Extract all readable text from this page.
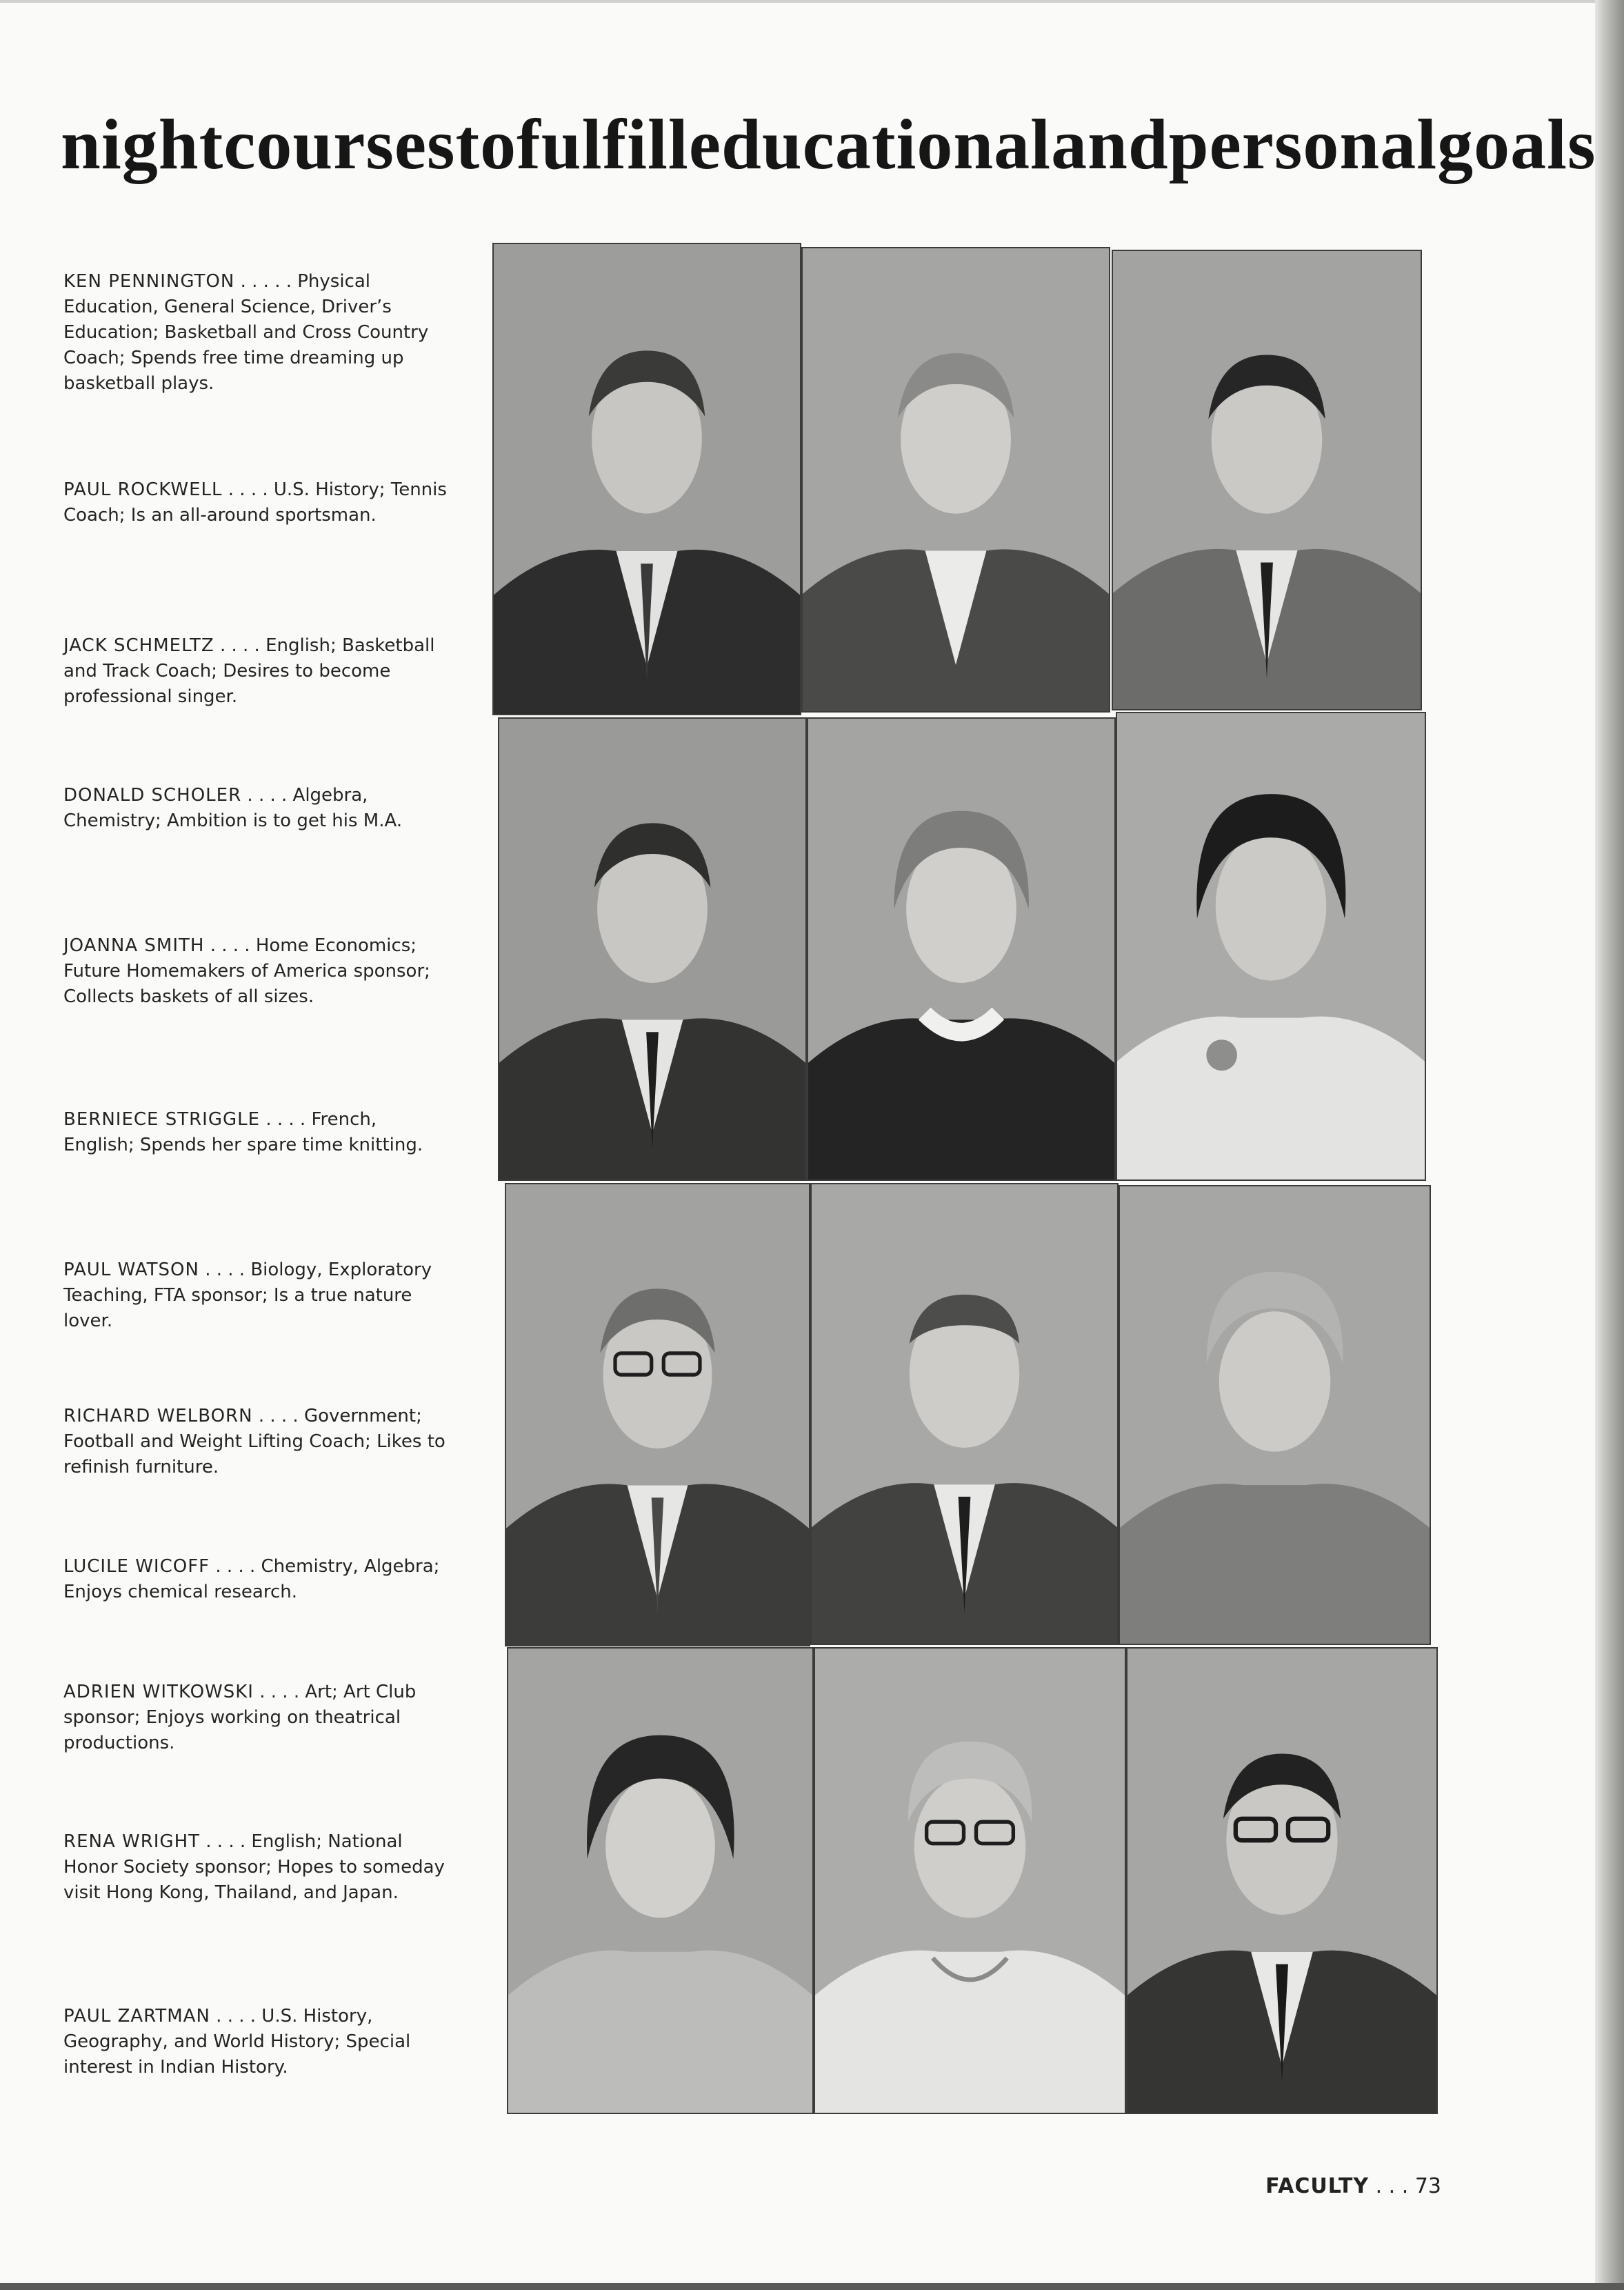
night courses to fulfill educational and personal goals

KEN PENNINGTON . . . . . Physical Education, General Science, Driver’s Education; Basketball and Cross Country Coach; Spends free time dreaming up basketball plays.

PAUL ROCKWELL . . . . U.S. History; Tennis Coach; Is an all-around sportsman.

JACK SCHMELTZ . . . . English; Basketball and Track Coach; Desires to become professional singer.

DONALD SCHOLER . . . . Algebra, Chemistry; Ambition is to get his M.A.

JOANNA SMITH . . . . Home Economics; Future Homemakers of America sponsor; Collects baskets of all sizes.

BERNIECE STRIGGLE . . . . French, English; Spends her spare time knitting.

PAUL WATSON . . . . Biology, Exploratory Teaching, FTA sponsor; Is a true nature lover.

RICHARD WELBORN . . . . Government; Football and Weight Lifting Coach; Likes to refinish furniture.

LUCILE WICOFF . . . . Chemistry, Algebra; Enjoys chemical research.

ADRIEN WITKOWSKI . . . . Art; Art Club sponsor; Enjoys working on theatrical productions.

RENA WRIGHT . . . . English; National Honor Society sponsor; Hopes to someday visit Hong Kong, Thailand, and Japan.

PAUL ZARTMAN . . . . U.S. History, Geography, and World History; Special interest in Indian History.

FACULTY . . . 73
